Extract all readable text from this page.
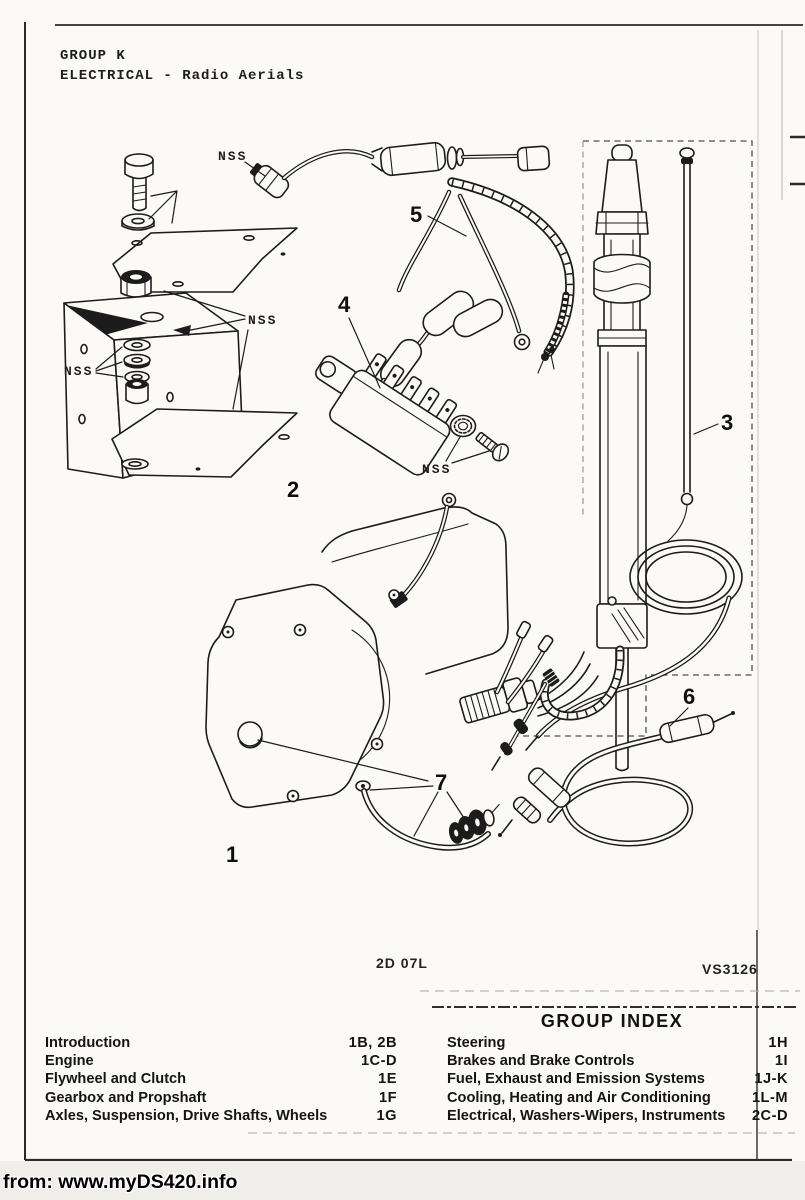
1
2
3
4
5
6
7
NSS
NSS
NSS
NSS
2D 07L	VS3126
GROUP K
ELECTRICAL - Radio Aerials
GROUP INDEX
Introduction	1B, 2B
Engine	1C-D
Flywheel and Clutch	1E
Gearbox and Propshaft	1F
Axles, Suspension, Drive Shafts, Wheels	1G
Steering	1H
Brakes and Brake Controls	1I
Fuel, Exhaust and Emission Systems	1J-K
Cooling, Heating and Air Conditioning	1L-M
Electrical, Washers-Wipers, Instruments 2C-D
from: www.myDS420.info
